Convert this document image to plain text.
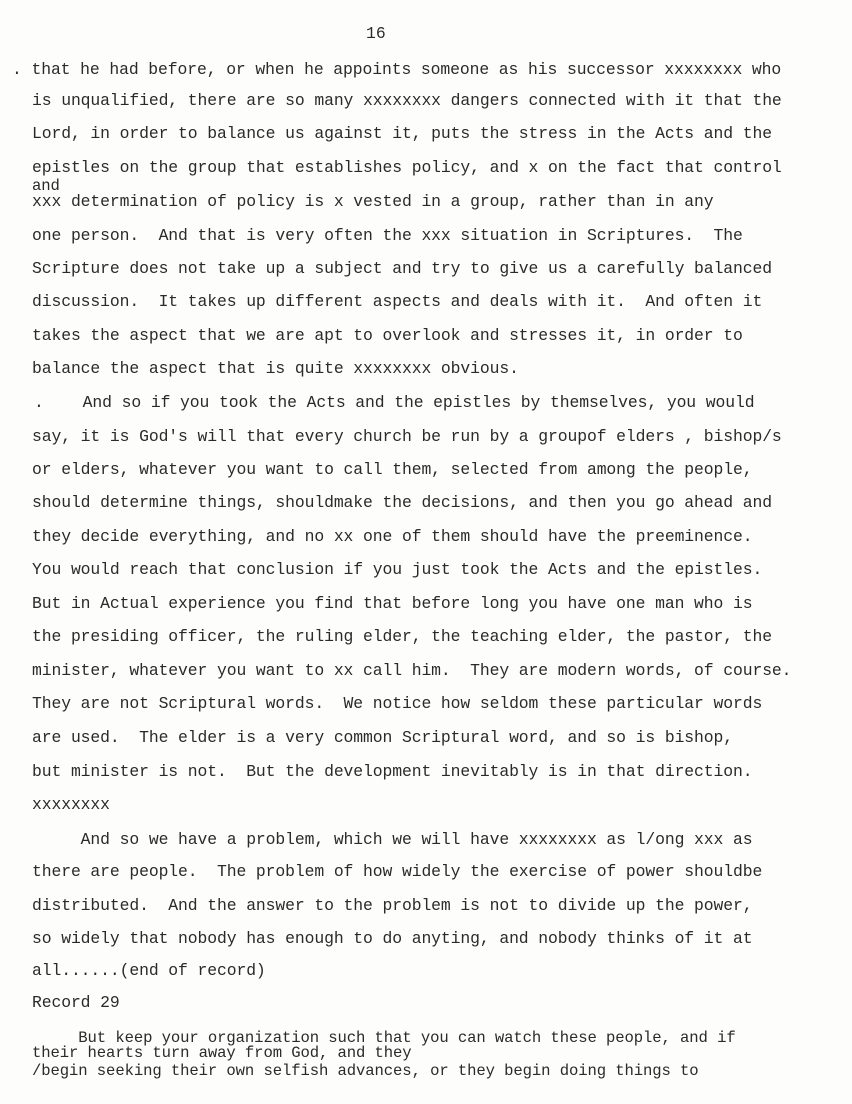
16
. that he had before, or when he appoints someone as his successor xxxxxxxx who
is unqualified, there are so many xxxxxxxx dangers connected with it that the
Lord, in order to balance us against it, puts the stress in the Acts and the
epistles on the group that establishes policy, and x on the fact that control
and
xxx determination of policy is x vested in a group, rather than in any
one person.  And that is very often the xxx situation in Scriptures.  The
Scripture does not take up a subject and try to give us a carefully balanced
discussion.  It takes up different aspects and deals with it.  And often it
takes the aspect that we are apt to overlook and stresses it, in order to
balance the aspect that is quite xxxxxxxx obvious.
.    And so if you took the Acts and the epistles by themselves, you would
say, it is God's will that every church be run by a groupof elders , bishop/s
or elders, whatever you want to call them, selected from among the people,
should determine things, shouldmake the decisions, and then you go ahead and
they decide everything, and no xx one of them should have the preeminence.
You would reach that conclusion if you just took the Acts and the epistles.
But in Actual experience you find that before long you have one man who is
the presiding officer, the ruling elder, the teaching elder, the pastor, the
minister, whatever you want to xx call him.  They are modern words, of course.
They are not Scriptural words.  We notice how seldom these particular words
are used.  The elder is a very common Scriptural word, and so is bishop,
but minister is not.  But the development inevitably is in that direction.
xxxxxxxx
And so we have a problem, which we will have xxxxxxxx as l/ong xxx as
there are people.  The problem of how widely the exercise of power shouldbe
distributed.  And the answer to the problem is not to divide up the power,
so widely that nobody has enough to do anyting, and nobody thinks of it at
all......(end of record)
Record 29
But keep your organization such that you can watch these people, and if
their hearts turn away from God, and they
/begin seeking their own selfish advances, or they begin doing things to
